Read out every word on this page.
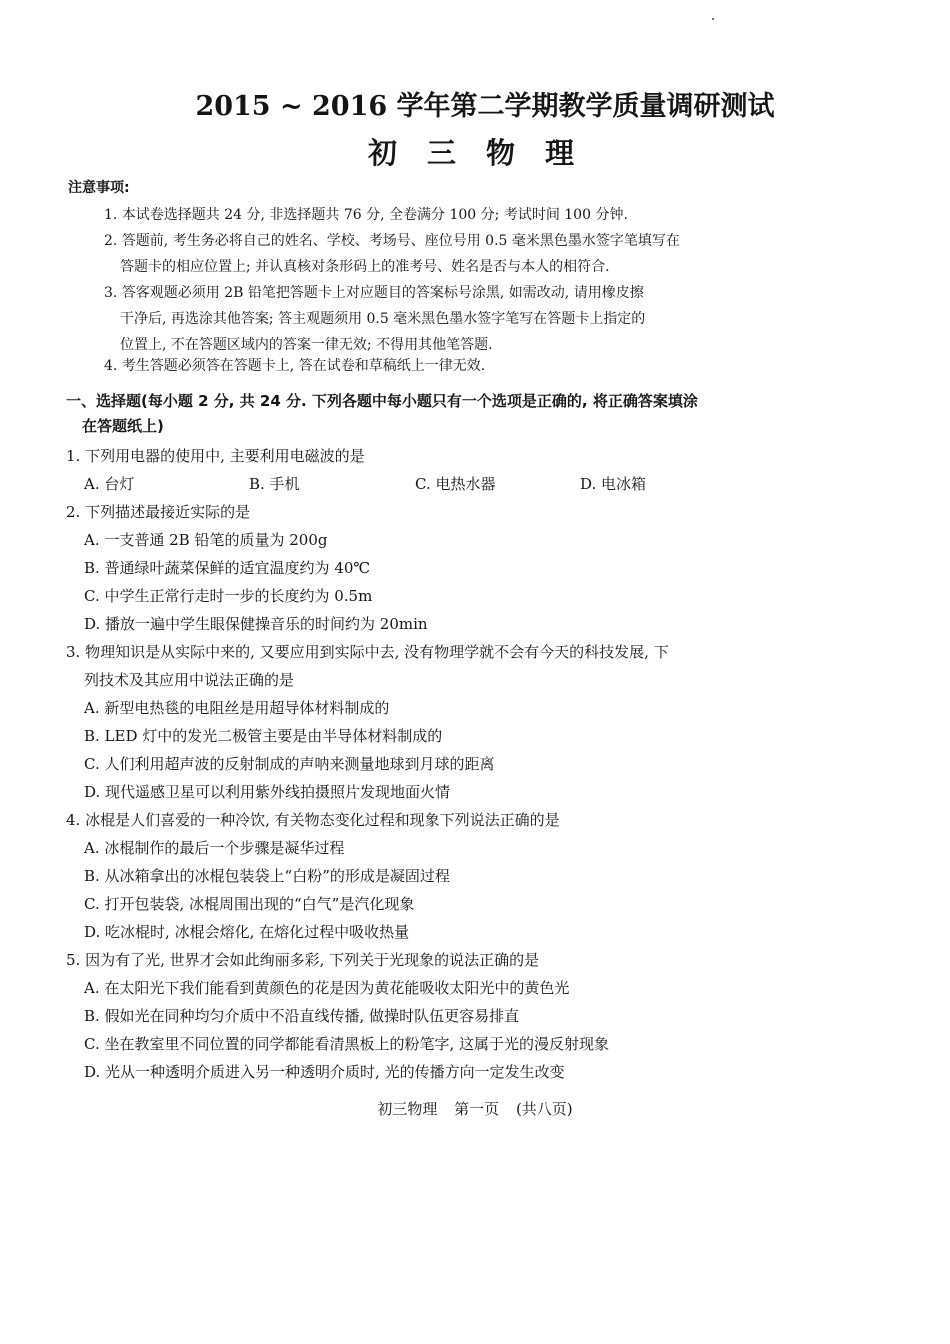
2015 ~ 2016 学年第二学期教学质量调研测试
初三物理
注意事项:
1. 本试卷选择题共 24 分, 非选择题共 76 分, 全卷满分 100 分; 考试时间 100 分钟.
2. 答题前, 考生务必将自己的姓名、学校、考场号、座位号用 0.5 毫米黑色墨水签字笔填写在
答题卡的相应位置上; 并认真核对条形码上的准考号、姓名是否与本人的相符合.
3. 答客观题必须用 2B 铅笔把答题卡上对应题目的答案标号涂黑, 如需改动, 请用橡皮擦
干净后, 再选涂其他答案; 答主观题须用 0.5 毫米黑色墨水签字笔写在答题卡上指定的
位置上, 不在答题区域内的答案一律无效; 不得用其他笔答题.
4. 考生答题必须答在答题卡上, 答在试卷和草稿纸上一律无效.
一、选择题(每小题 2 分, 共 24 分. 下列各题中每小题只有一个选项是正确的, 将正确答案填涂
在答题纸上)
1. 下列用电器的使用中, 主要利用电磁波的是
A. 台灯	B. 手机	C. 电热水器	D. 电冰箱
2. 下列描述最接近实际的是
A. 一支普通 2B 铅笔的质量为 200g
B. 普通绿叶蔬菜保鲜的适宜温度约为 40℃
C. 中学生正常行走时一步的长度约为 0.5m
D. 播放一遍中学生眼保健操音乐的时间约为 20min
3. 物理知识是从实际中来的, 又要应用到实际中去, 没有物理学就不会有今天的科技发展, 下
列技术及其应用中说法正确的是
A. 新型电热毯的电阻丝是用超导体材料制成的
B. LED 灯中的发光二极管主要是由半导体材料制成的
C. 人们利用超声波的反射制成的声呐来测量地球到月球的距离
D. 现代遥感卫星可以利用紫外线拍摄照片发现地面火情
4. 冰棍是人们喜爱的一种冷饮, 有关物态变化过程和现象下列说法正确的是
A. 冰棍制作的最后一个步骤是凝华过程
B. 从冰箱拿出的冰棍包装袋上“白粉”的形成是凝固过程
C. 打开包装袋, 冰棍周围出现的“白气”是汽化现象
D. 吃冰棍时, 冰棍会熔化, 在熔化过程中吸收热量
5. 因为有了光, 世界才会如此绚丽多彩, 下列关于光现象的说法正确的是
A. 在太阳光下我们能看到黄颜色的花是因为黄花能吸收太阳光中的黄色光
B. 假如光在同种均匀介质中不沿直线传播, 做操时队伍更容易排直
C. 坐在教室里不同位置的同学都能看清黑板上的粉笔字, 这属于光的漫反射现象
D. 光从一种透明介质进入另一种透明介质时, 光的传播方向一定发生改变
初三物理 第一页 (共八页)
